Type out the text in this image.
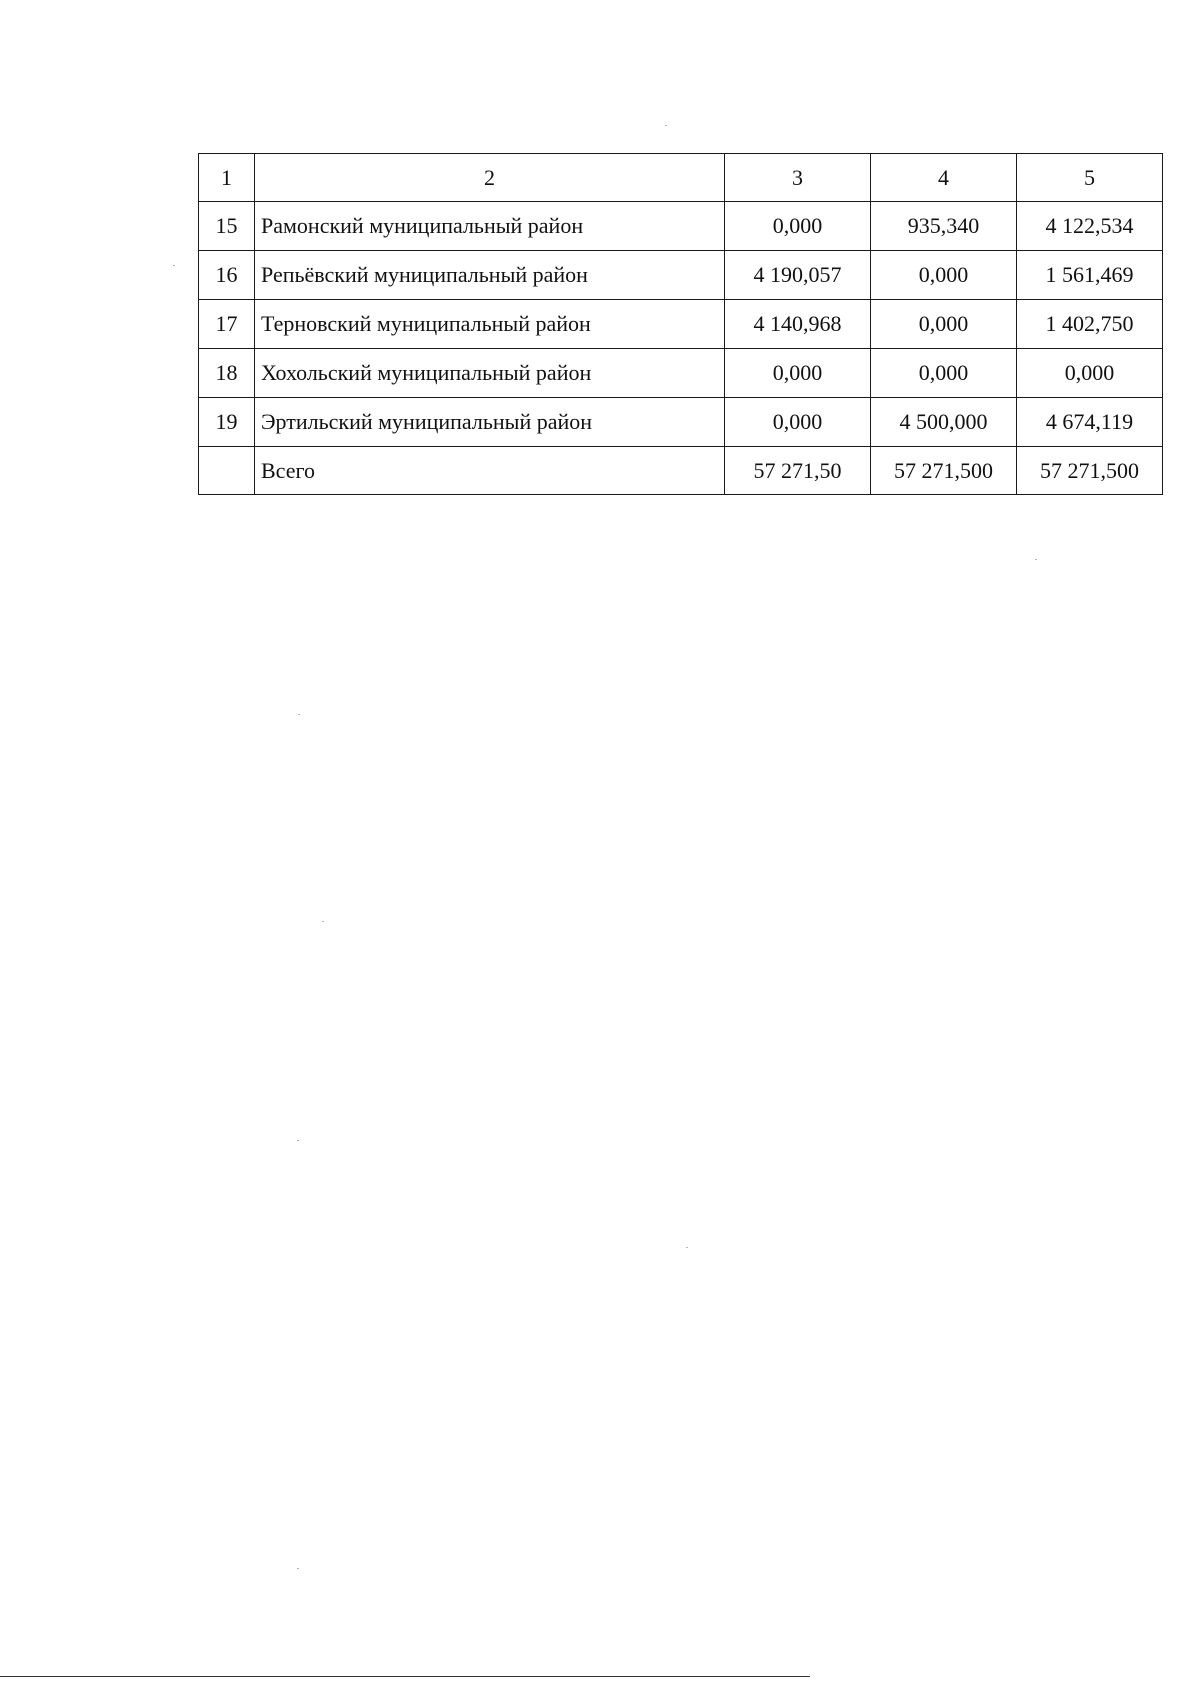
1	2	3	4	5
15	Рамонский муниципальный район	0,000	935,340	4 122,534
16	Репьёвский муниципальный район	4 190,057	0,000	1 561,469
17	Терновский муниципальный район	4 140,968	0,000	1 402,750
18	Хохольский муниципальный район	0,000	0,000	0,000
19	Эртильский муниципальный район	0,000	4 500,000	4 674,119
	Всего	57 271,50	57 271,500	57 271,500
